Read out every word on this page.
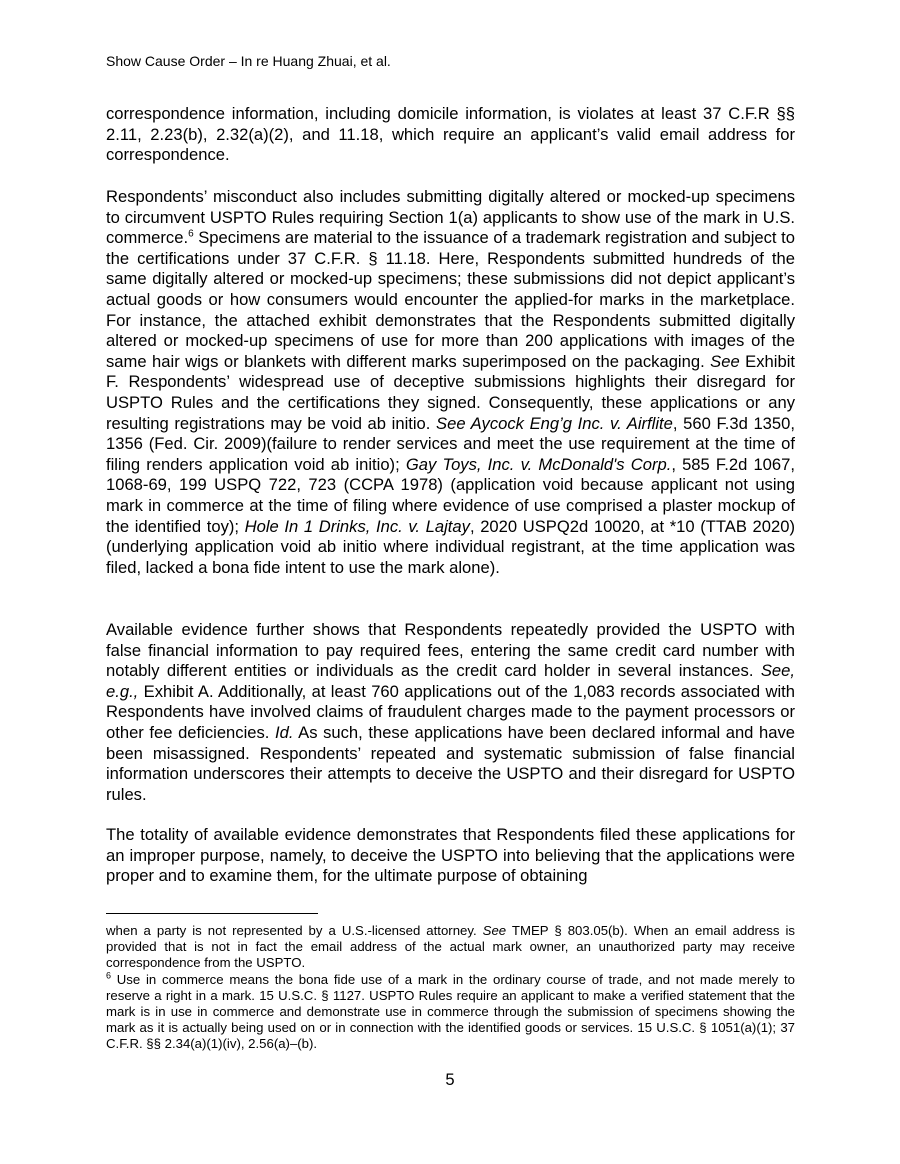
Show Cause Order – In re Huang Zhuai, et al.

correspondence information, including domicile information, is violates at least 37 C.F.R §§ 2.11, 2.23(b), 2.32(a)(2), and 11.18, which require an applicant’s valid email address for correspondence.

Respondents’ misconduct also includes submitting digitally altered or mocked-up specimens to circumvent USPTO Rules requiring Section 1(a) applicants to show use of the mark in U.S. commerce.$^6$ Specimens are material to the issuance of a trademark registration and subject to the certifications under 37 C.F.R. § 11.18. Here, Respondents submitted hundreds of the same digitally altered or mocked-up specimens; these submissions did not depict applicant’s actual goods or how consumers would encounter the applied-for marks in the marketplace. For instance, the attached exhibit demonstrates that the Respondents submitted digitally altered or mocked-up specimens of use for more than 200 applications with images of the same hair wigs or blankets with different marks superimposed on the packaging. See Exhibit F. Respondents’ widespread use of deceptive submissions highlights their disregard for USPTO Rules and the certifications they signed. Consequently, these applications or any resulting registrations may be void ab initio. See Aycock Eng’g Inc. v. Airflite, 560 F.3d 1350, 1356 (Fed. Cir. 2009)(failure to render services and meet the use requirement at the time of filing renders application void ab initio); Gay Toys, Inc. v. McDonald's Corp., 585 F.2d 1067, 1068-69, 199 USPQ 722, 723 (CCPA 1978) (application void because applicant not using mark in commerce at the time of filing where evidence of use comprised a plaster mockup of the identified toy); Hole In 1 Drinks, Inc. v. Lajtay, 2020 USPQ2d 10020, at *10 (TTAB 2020) (underlying application void ab initio where individual registrant, at the time application was filed, lacked a bona fide intent to use the mark alone).

Available evidence further shows that Respondents repeatedly provided the USPTO with false financial information to pay required fees, entering the same credit card number with notably different entities or individuals as the credit card holder in several instances. See, e.g., Exhibit A. Additionally, at least 760 applications out of the 1,083 records associated with Respondents have involved claims of fraudulent charges made to the payment processors or other fee deficiencies. Id. As such, these applications have been declared informal and have been misassigned. Respondents’ repeated and systematic submission of false financial information underscores their attempts to deceive the USPTO and their disregard for USPTO rules.

The totality of available evidence demonstrates that Respondents filed these applications for an improper purpose, namely, to deceive the USPTO into believing that the applications were proper and to examine them, for the ultimate purpose of obtaining

when a party is not represented by a U.S.-licensed attorney. See TMEP § 803.05(b). When an email address is provided that is not in fact the email address of the actual mark owner, an unauthorized party may receive correspondence from the USPTO.

$^6$ Use in commerce means the bona fide use of a mark in the ordinary course of trade, and not made merely to reserve a right in a mark. 15 U.S.C. § 1127. USPTO Rules require an applicant to make a verified statement that the mark is in use in commerce and demonstrate use in commerce through the submission of specimens showing the mark as it is actually being used on or in connection with the identified goods or services. 15 U.S.C. § 1051(a)(1); 37 C.F.R. §§ 2.34(a)(1)(iv), 2.56(a)–(b).

5
